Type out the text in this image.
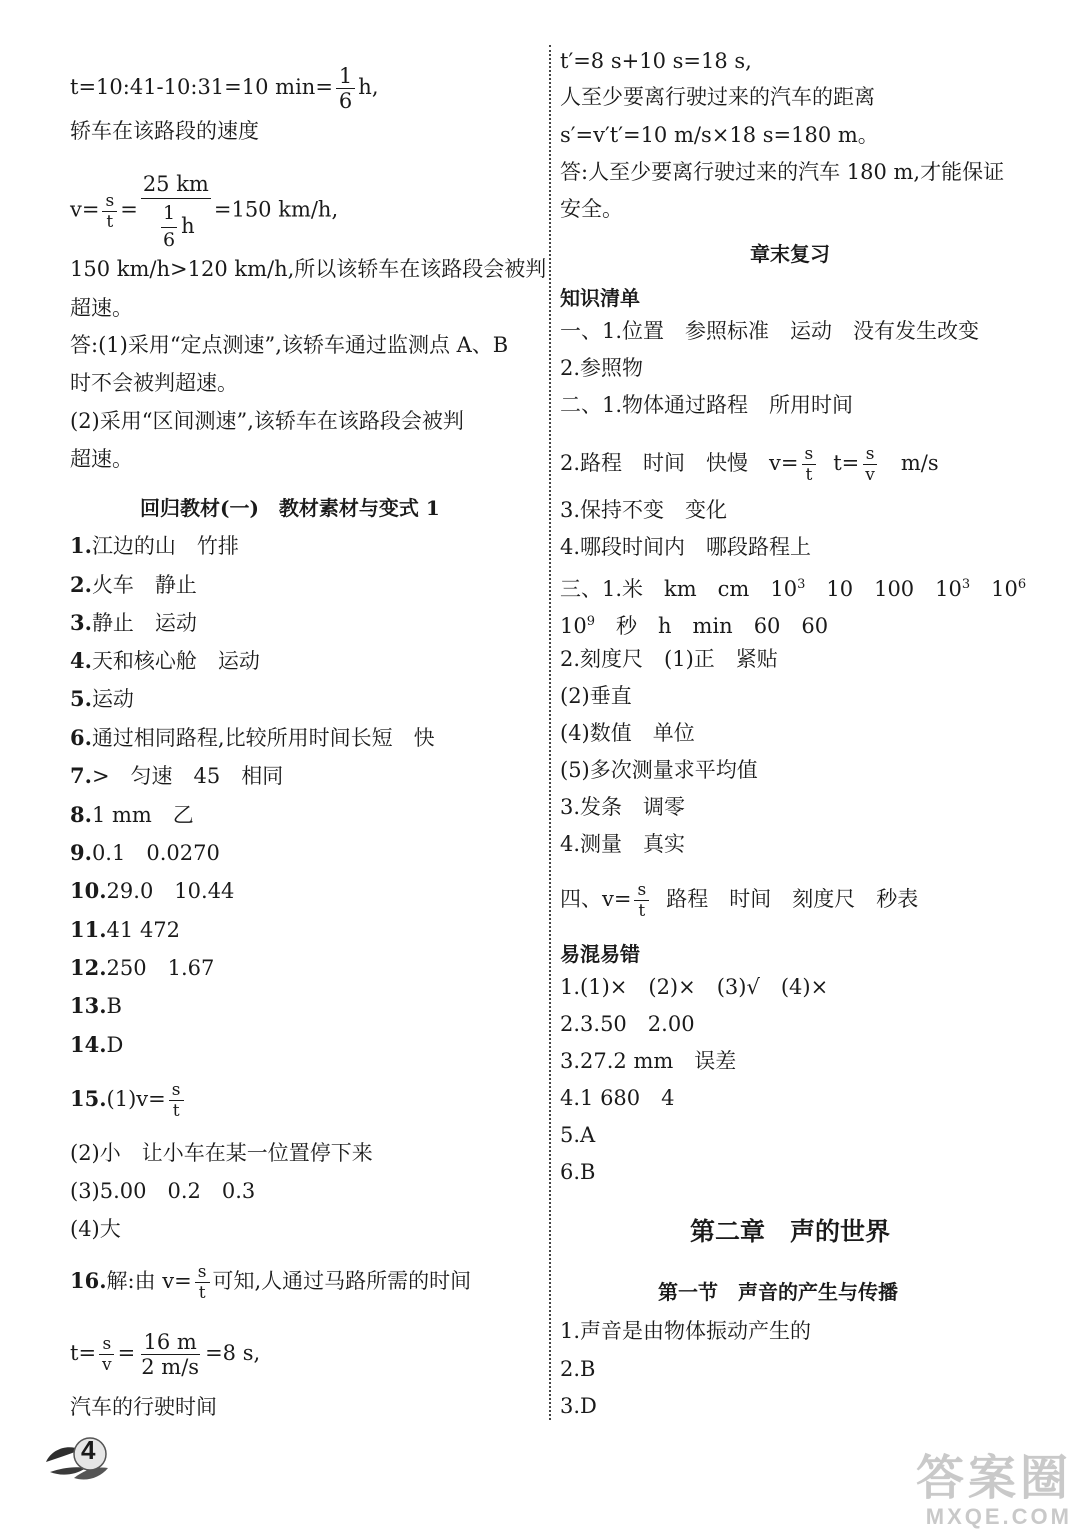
t=10:41-10:31=10 $\min= \frac{1}{6} h$,
轿车在该路段的速度
$v= \frac{s}{t} = \frac{25 km}{\frac{1}{6} h} =150$ km/h,
150 km/h>120 km/h,所以该轿车在该路段会被判
超速。
答:(1)采用“定点测速”,该轿车通过监测点 A、B
时不会被判超速。
(2)采用“区间测速”,该轿车在该路段会被判
超速。
回归教材(一)　教材素材与变式 1
1.江边的山　竹排
2.火车　静止
3.静止　运动
4.天和核心舱　运动
5.运动
6.通过相同路程,比较所用时间长短　快
7.>　匀速　45　相同
8.1 mm　乙
9.0.1　0.0270
10.29.0　10.44
11.41 472
12.250　1.67
13.B
14.D
$15.(1)v= \frac{s}{t}$
(2)小　让小车在某一位置停下来
(3)5.00　0.2　0.3
(4)大
16.解:由 $v= \frac{s}{t}$ 可知,人通过马路所需的时间
$t= \frac{s}{v} = \frac{16 m}{2 m/s} =8$ s,
汽车的行驶时间
t′=8 s+10 s=18 s,
人至少要离行驶过来的汽车的距离
s′=v′t′=10 m/s×18 s=180 m。
答:人至少要离行驶过来的汽车 180 m,才能保证
安全。
章末复习
知识清单
一、1.位置　参照标准　运动　没有发生改变
2.参照物
二、1.物体通过路程　所用时间
2.路程　时间　快慢　$v= \frac{s}{t} t= \frac{s}{v} m/s$
3.保持不变　变化
4.哪段时间内　哪段路程上
三、1.米　km　cm　$10^3$　10　100　$10^3$　$10^6$
$10^9$　秒　h　min　60　60
2.刻度尺　(1)正　紧贴
(2)垂直
(4)数值　单位
(5)多次测量求平均值
3.发条　调零
4.测量　真实
四、$v= \frac{s}{t}$ 路程　时间　刻度尺　秒表
易混易错
1.(1)×　(2)×　(3)√　(4)×
2.3.50　2.00
3.27.2 mm　误差
4.1 680　4
5.A
6.B
第二章　声的世界
第一节　声音的产生与传播
1.声音是由物体振动产生的
2.B
3.D
4	答案圈
MXQE.COM
